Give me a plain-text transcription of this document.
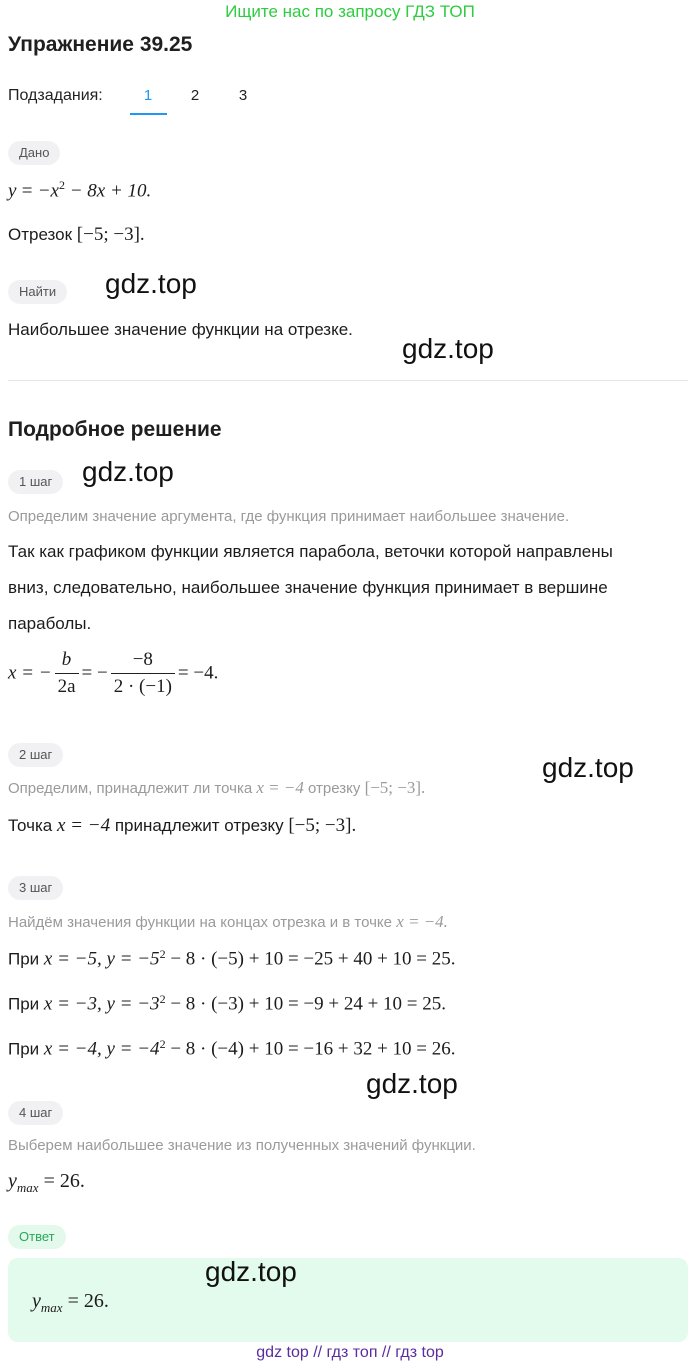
Ищите нас по запросу ГДЗ ТОП
Упражнение 39.25
Подзадания:	1	2	3
Дано
$y = -x^2 - 8x + 10$.
Отрезок [−5; −3].
Найти	gdz.top
Наибольшее значение функции на отрезке.
gdz.top
Подробное решение
1 шаг	gdz.top
Определим значение аргумента, где функция принимает наибольшее значение.
Так как графиком функции является парабола, веточки которой направлены
вниз, следовательно, наибольшее значение функция принимает в вершине
параболы.
x = − $\frac{b}{2a}$ = − $\frac{-8}{2 \cdot (-1)} = -4$.
2 шаг	gdz.top
Определим, принадлежит ли точка x = −4 отрезку [−5; −3].
Точка x = −4 принадлежит отрезку [−5; −3].
3 шаг
Найдём значения функции на концах отрезка и в точке x = −4.
При x = −5, $y = -5^2 - 8 \cdot (-5) + 10 = -25 + 40 + 10 = 25$.
При x = −3, $y = -3^2 - 8 \cdot (-3) + 10 = -9 + 24 + 10 = 25$.
При x = −4, $y = -4^2 - 8 \cdot (-4) + 10 = -16 + 32 + 10 = 26$.
gdz.top
4 шаг
Выберем наибольшее значение из полученных значений функции.
$y_{max} = 26$.
Ответ
$y_{max} = 26$.
gdz.top
gdz top // гдз топ // гдз top
